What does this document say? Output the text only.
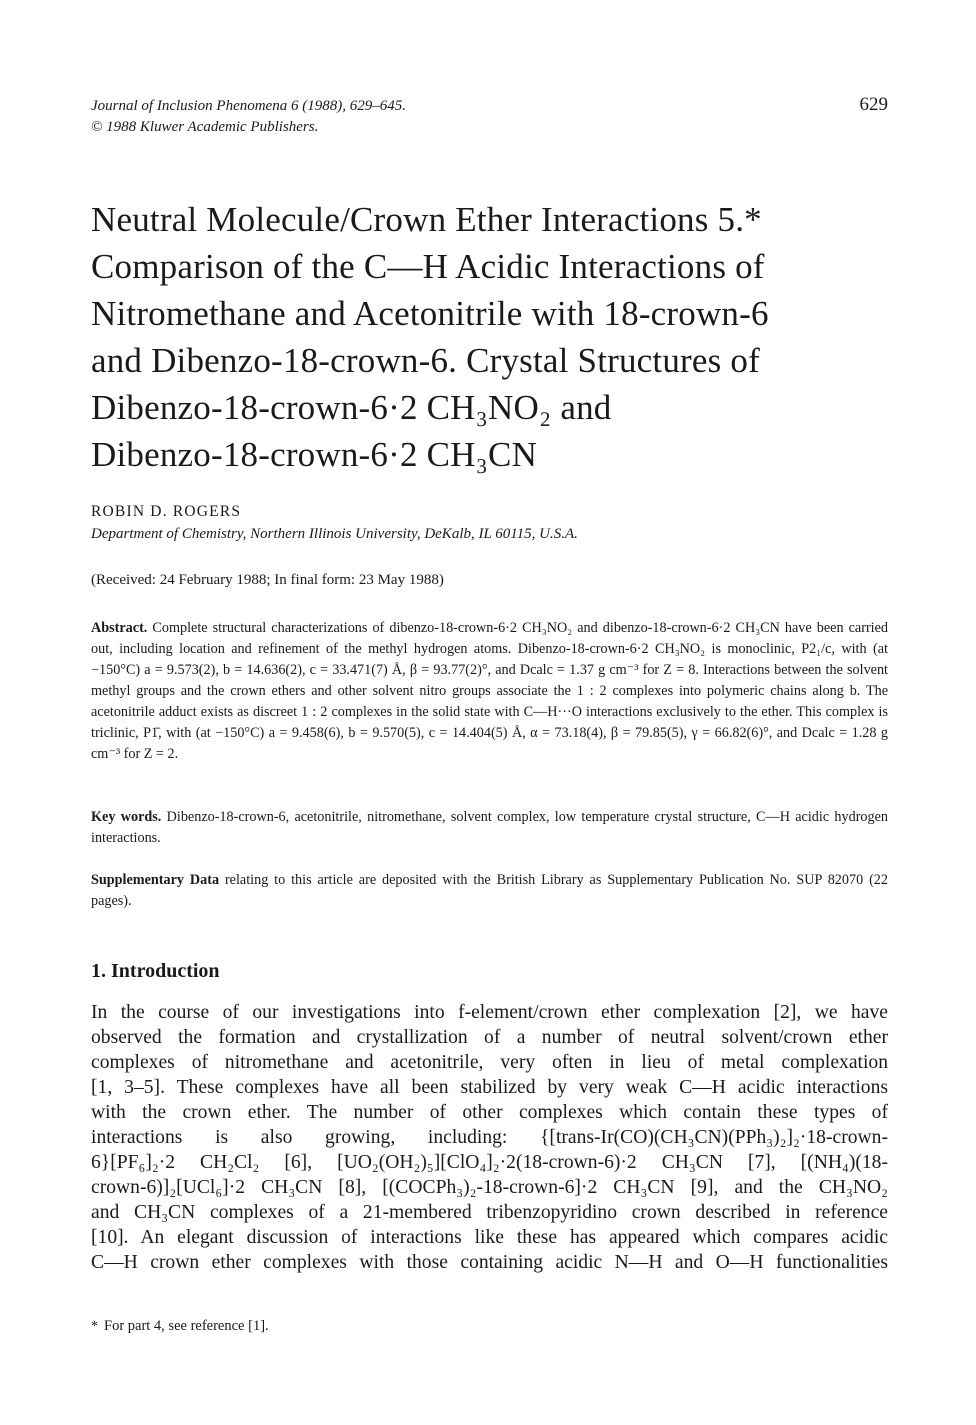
Journal of Inclusion Phenomena 6 (1988), 629–645.
© 1988 Kluwer Academic Publishers.
629
Neutral Molecule/Crown Ether Interactions 5.*
Comparison of the C—H Acidic Interactions of
Nitromethane and Acetonitrile with 18-crown-6
and Dibenzo-18-crown-6. Crystal Structures of
Dibenzo-18-crown-6·2 CH₃NO₂ and
Dibenzo-18-crown-6·2 CH₃CN
ROBIN D. ROGERS
Department of Chemistry, Northern Illinois University, DeKalb, IL 60115, U.S.A.
(Received: 24 February 1988; In final form: 23 May 1988)
Abstract. Complete structural characterizations of dibenzo-18-crown-6·2 CH₃NO₂ and dibenzo-18-crown-6·2 CH₃CN have been carried out, including location and refinement of the methyl hydrogen atoms. Dibenzo-18-crown-6·2 CH₃NO₂ is monoclinic, P2₁/c, with (at −150°C) a = 9.573(2), b = 14.636(2), c = 33.471(7) Å, β = 93.77(2)°, and Dcalc = 1.37 g cm⁻³ for Z = 8. Interactions between the solvent methyl groups and the crown ethers and other solvent nitro groups associate the 1 : 2 complexes into polymeric chains along b. The acetonitrile adduct exists as discreet 1 : 2 complexes in the solid state with C—H···O interactions exclusively to the ether. This complex is triclinic, P1̄, with (at −150°C) a = 9.458(6), b = 9.570(5), c = 14.404(5) Å, α = 73.18(4), β = 79.85(5), γ = 66.82(6)°, and Dcalc = 1.28 g cm⁻³ for Z = 2.
Key words. Dibenzo-18-crown-6, acetonitrile, nitromethane, solvent complex, low temperature crystal structure, C—H acidic hydrogen interactions.
Supplementary Data relating to this article are deposited with the British Library as Supplementary Publication No. SUP 82070 (22 pages).
1. Introduction
In the course of our investigations into f-element/crown ether complexation [2], we have
observed the formation and crystallization of a number of neutral solvent/crown ether
complexes of nitromethane and acetonitrile, very often in lieu of metal complexation
[1, 3–5]. These complexes have all been stabilized by very weak C—H acidic interactions
with the crown ether. The number of other complexes which contain these types of
interactions is also growing, including: {[trans-Ir(CO)(CH₃CN)(PPh₃)₂]₂·18-crown-
6}[PF₆]₂·2 CH₂Cl₂ [6], [UO₂(OH₂)₅][ClO₄]₂·2(18-crown-6)·2 CH₃CN [7], [(NH₄)(18-
crown-6)]₂[UCl₆]·2 CH₃CN [8], [(COCPh₃)₂-18-crown-6]·2 CH₃CN [9], and the CH₃NO₂
and CH₃CN complexes of a 21-membered tribenzopyridino crown described in reference
[10]. An elegant discussion of interactions like these has appeared which compares acidic
C—H crown ether complexes with those containing acidic N—H and O—H functionalities
* For part 4, see reference [1].
